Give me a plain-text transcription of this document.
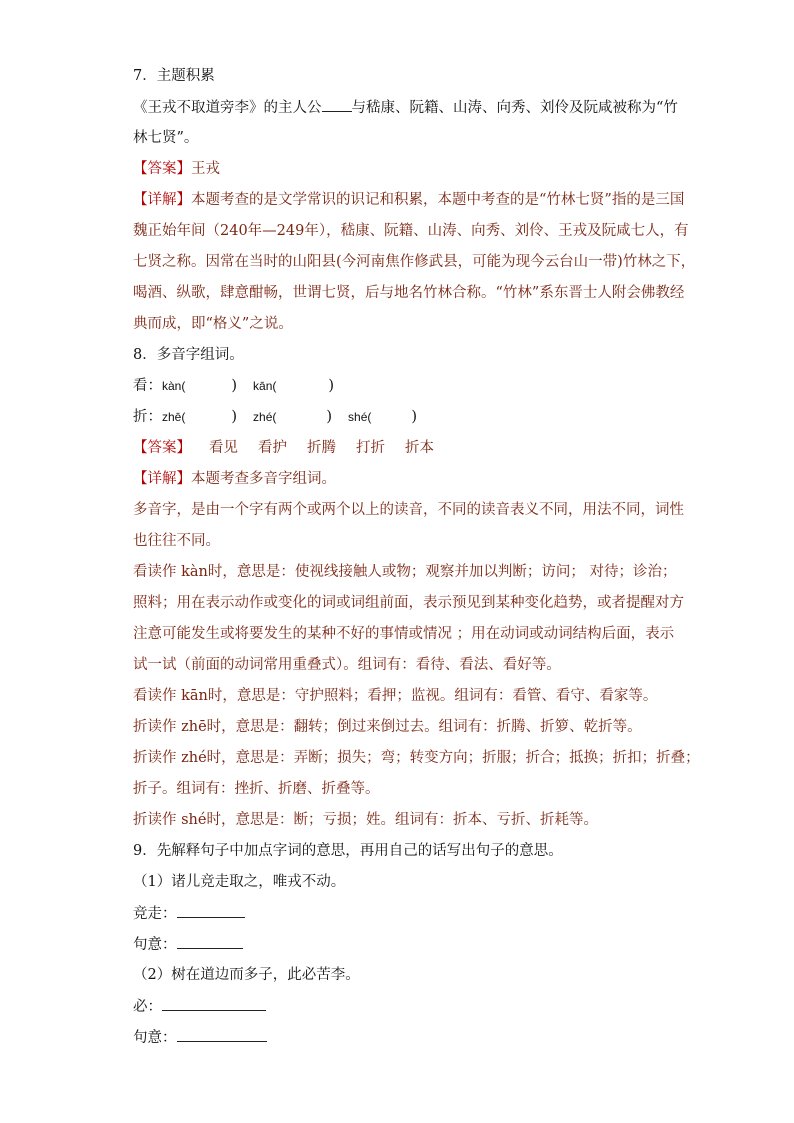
7．主题积累
《王戎不取道旁李》的主人公 与嵇康、阮籍、山涛、向秀、刘伶及阮咸被称为“竹
林七贤”。
【答案】王戎
【详解】本题考查的是文学常识的识记和积累，本题中考查的是“竹林七贤”指的是三国
魏正始年间（240年—249年），嵇康、阮籍、山涛、向秀、刘伶、王戎及阮咸七人，有
七贤之称。因常在当时的山阳县(今河南焦作修武县，可能为现今云台山一带)竹林之下，
喝酒、纵歌，肆意酣畅，世谓七贤，后与地名竹林合称。“竹林”系东晋士人附会佛教经
典而成，即“格义”之说。
8．多音字组词。
看：kàn(	) kān(	)
折：zhē(	) zhé(	) shé(	)
【答案】 看见 看护 折腾 打折 折本
【详解】本题考查多音字组词。
多音字，是由一个字有两个或两个以上的读音，不同的读音表义不同，用法不同，词性
也往往不同。
看读作 kàn时，意思是：使视线接触人或物；观察并加以判断；访问； 对待；诊治；
照料；用在表示动作或变化的词或词组前面，表示预见到某种变化趋势，或者提醒对方
注意可能发生或将要发生的某种不好的事情或情况 ；用在动词或动词结构后面，表示
试一试（前面的动词常用重叠式）。组词有：看待、看法、看好等。
看读作 kān时，意思是：守护照料；看押；监视。组词有：看管、看守、看家等。
折读作 zhē时，意思是：翻转；倒过来倒过去。组词有：折腾、折箩、乾折等。
折读作 zhé时，意思是：弄断；损失；弯；转变方向；折服；折合；抵换；折扣；折叠；
折子。组词有：挫折、折磨、折叠等。
折读作 shé时，意思是：断；亏损；姓。组词有：折本、亏折、折耗等。
9．先解释句子中加点字词的意思，再用自己的话写出句子的意思。
（1）诸儿竞走取之，唯戎不动。
竞走：
句意：
（2）树在道边而多子，此必苦李。
必：
句意：
